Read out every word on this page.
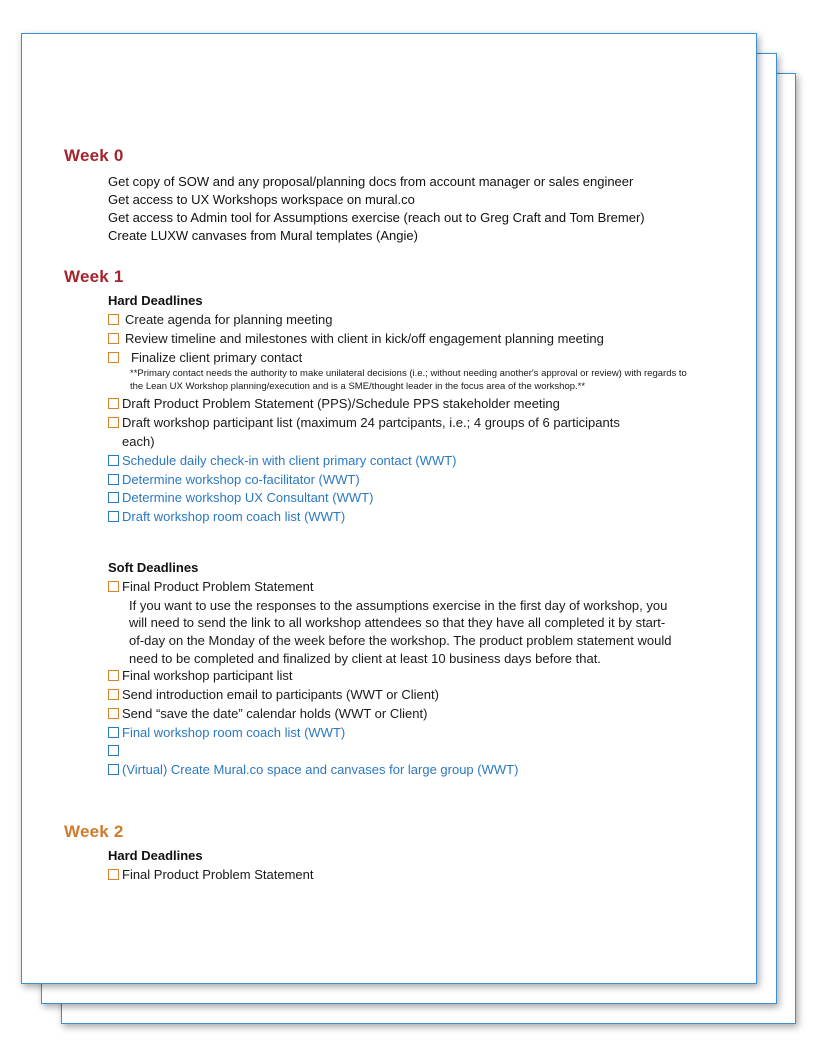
Week 0
Get copy of SOW and any proposal/planning docs from account manager or sales engineer
Get access to UX Workshops workspace on mural.co
Get access to Admin tool for Assumptions exercise (reach out to Greg Craft and Tom Bremer)
Create LUXW canvases from Mural templates (Angie)
Week 1
Hard Deadlines
Create agenda for planning meeting
Review timeline and milestones with client in kick/off engagement planning meeting
Finalize client primary contact
**Primary contact needs the authority to make unilateral decisions (i.e.; without needing another's approval or review) with regards to the Lean UX Workshop planning/execution and is a SME/thought leader in the focus area of the workshop.**
Draft Product Problem Statement (PPS)/Schedule PPS stakeholder meeting
Draft workshop participant list (maximum 24 partcipants, i.e.; 4 groups of 6 participants
each)
Schedule daily check-in with client primary contact (WWT)
Determine workshop co-facilitator (WWT)
Determine workshop UX Consultant (WWT)
Draft workshop room coach list (WWT)
Soft Deadlines
Final Product Problem Statement
If you want to use the responses to the assumptions exercise in the first day of workshop, you will need to send the link to all workshop attendees so that they have all completed it by start-of-day on the Monday of the week before the workshop. The product problem statement would need to be completed and finalized by client at least 10 business days before that.
Final workshop participant list
Send introduction email to participants (WWT or Client)
Send “save the date” calendar holds (WWT or Client)
Final workshop room coach list (WWT)
(Virtual) Create Mural.co space and canvases for large group (WWT)
Week 2
Hard Deadlines
Final Product Problem Statement
